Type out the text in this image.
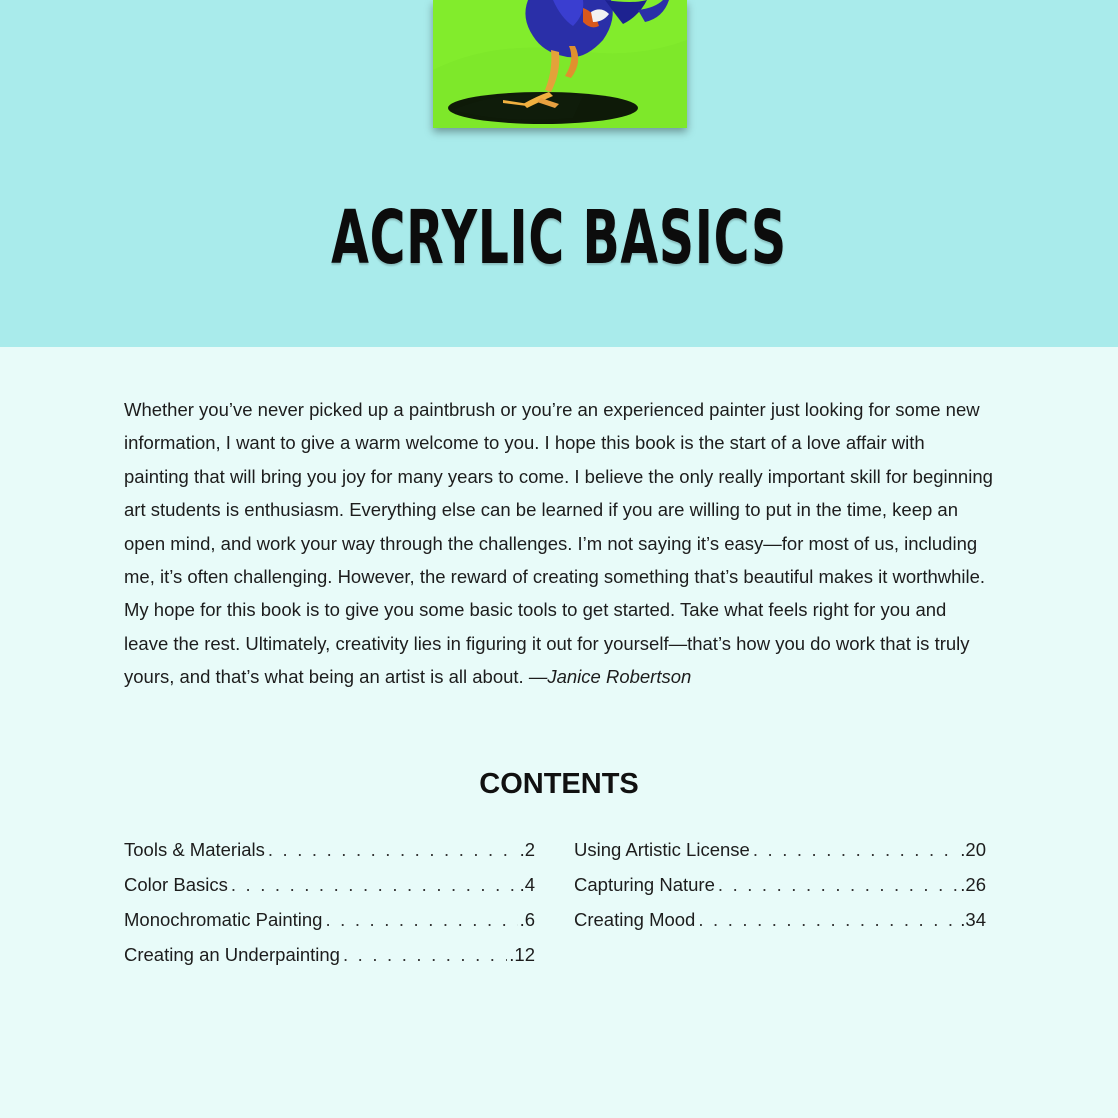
ACRYLIC BASICS

Whether you’ve never picked up a paintbrush or you’re an experienced painter just looking for some new information, I want to give a warm welcome to you. I hope this book is the start of a love affair with painting that will bring you joy for many years to come. I believe the only really important skill for beginning art students is enthusiasm. Everything else can be learned if you are willing to put in the time, keep an open mind, and work your way through the challenges. I’m not saying it’s easy—for most of us, including me, it’s often challenging. However, the reward of creating something that’s beautiful makes it worthwhile. My hope for this book is to give you some basic tools to get started. Take what feels right for you and leave the rest. Ultimately, creativity lies in figuring it out for yourself—that’s how you do work that is truly yours, and that’s what being an artist is all about. —Janice Robertson

CONTENTS
Tools & Materials . . .	.2
Color Basics . . .	.4
Monochromatic Painting . . .	.6
Creating an Underpainting . . .	.12
Using Artistic License . . .	.20
Capturing Nature . . .	.26
Creating Mood . . .	.34
